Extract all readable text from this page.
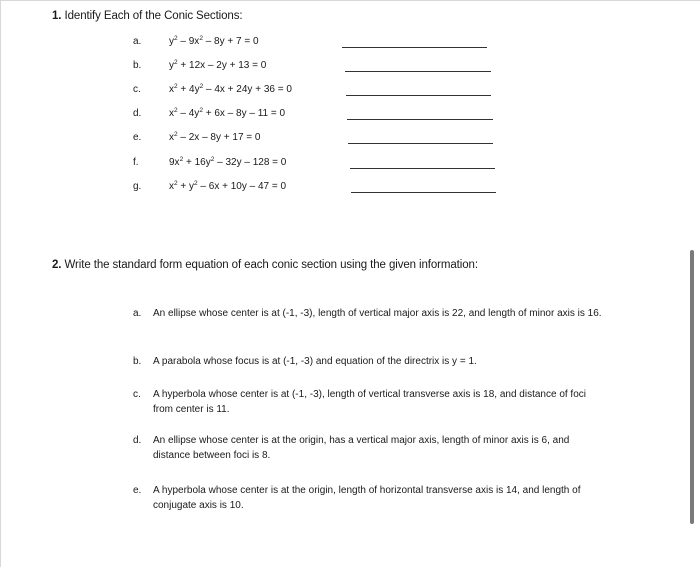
1. Identify Each of the Conic Sections:
a.	$y^2 - 9x^2 - 8y + 7 = 0$
b.	$y^2 + 12x - 2y + 13 = 0$
c.	$x^2 + 4y^2 - 4x + 24y + 36 = 0$
d.	$x^2 - 4y^2 + 6x - 8y - 11 = 0$
e.	$x^2 - 2x - 8y + 17 = 0$
f.	$9x^2 + 16y^2 - 32y - 128 = 0$
g.	$x^2 + y^2 - 6x + 10y - 47 = 0$
2. Write the standard form equation of each conic section using the given information:
a. An ellipse whose center is at (-1, -3), length of vertical major axis is 22, and length of minor axis is 16.
b. A parabola whose focus is at (-1, -3) and equation of the directrix is y = 1.
c. A hyperbola whose center is at (-1, -3), length of vertical transverse axis is 18, and distance of foci from center is 11.
d. An ellipse whose center is at the origin, has a vertical major axis, length of minor axis is 6, and distance between foci is 8.
e. A hyperbola whose center is at the origin, length of horizontal transverse axis is 14, and length of conjugate axis is 10.
